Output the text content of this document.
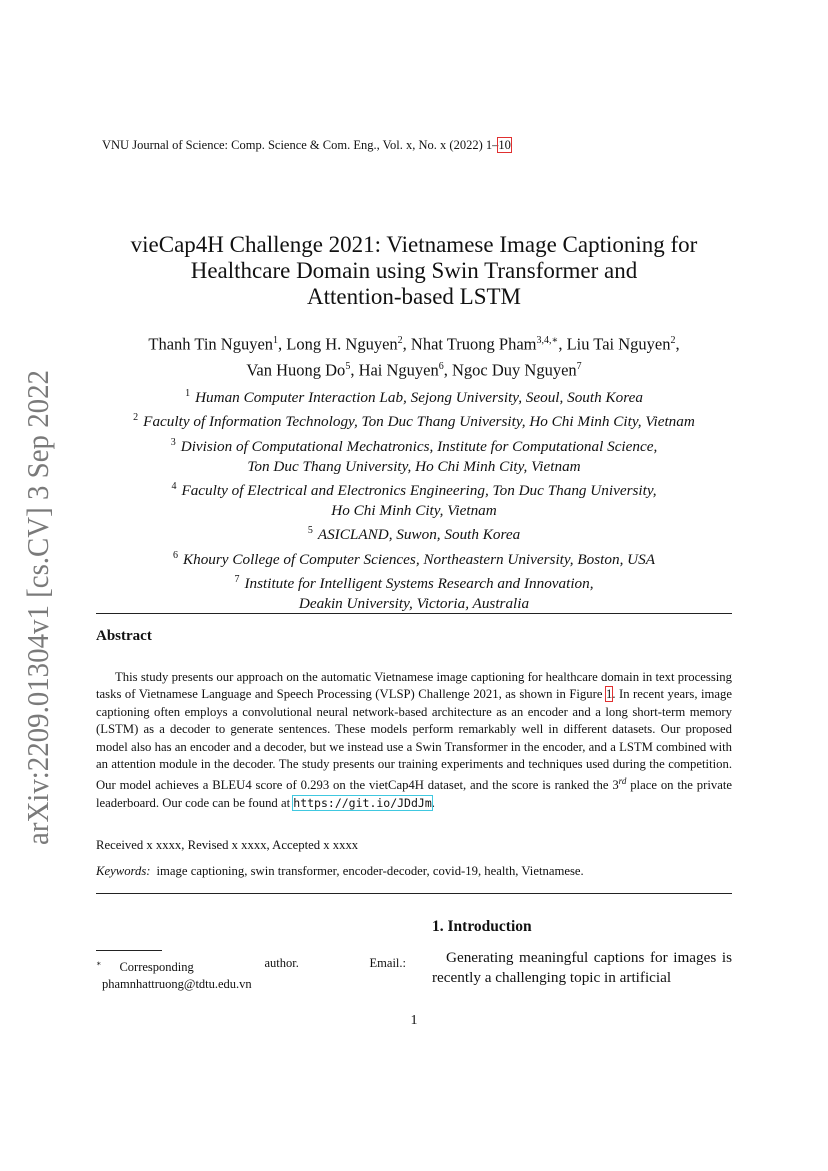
VNU Journal of Science: Comp. Science & Com. Eng., Vol. x, No. x (2022) 1–10
arXiv:2209.01304v1 [cs.CV] 3 Sep 2022
vieCap4H Challenge 2021: Vietnamese Image Captioning for
Healthcare Domain using Swin Transformer and
Attention-based LSTM
Thanh Tin Nguyen$^1$, Long H. Nguyen$^2$, Nhat Truong Pham$^{3,4,∗}$, Liu Tai Nguyen$^2$,
Van Huong Do$^5$, Hai Nguyen$^6$, Ngoc Duy Nguyen$^7$
$^1$ Human Computer Interaction Lab, Sejong University, Seoul, South Korea
$^2$ Faculty of Information Technology, Ton Duc Thang University, Ho Chi Minh City, Vietnam
$^3$ Division of Computational Mechatronics, Institute for Computational Science,
Ton Duc Thang University, Ho Chi Minh City, Vietnam
$^4$ Faculty of Electrical and Electronics Engineering, Ton Duc Thang University,
Ho Chi Minh City, Vietnam
$^5$ ASICLAND, Suwon, South Korea
$^6$ Khoury College of Computer Sciences, Northeastern University, Boston, USA
$^7$ Institute for Intelligent Systems Research and Innovation,
Deakin University, Victoria, Australia
Abstract
This study presents our approach on the automatic Vietnamese image captioning for healthcare domain in text processing tasks of Vietnamese Language and Speech Processing (VLSP) Challenge 2021, as shown in Figure 1. In recent years, image captioning often employs a convolutional neural network-based architecture as an encoder and a long short-term memory (LSTM) as a decoder to generate sentences. These models perform remarkably well in different datasets. Our proposed model also has an encoder and a decoder, but we instead use a Swin Transformer in the encoder, and a LSTM combined with an attention module in the decoder. The study presents our training experiments and techniques used during the competition. Our model achieves a BLEU4 score of 0.293 on the vietCap4H dataset, and the score is ranked the 3rd place on the private leaderboard. Our code can be found at https://git.io/JDdJm.
Received x xxxx, Revised x xxxx, Accepted x xxxx
Keywords: image captioning, swin transformer, encoder-decoder, covid-19, health, Vietnamese.
1. Introduction
Generating meaningful captions for images is recently a challenging topic in artificial
∗ Corresponding	author.	Email.:
phamnhattruong@tdtu.edu.vn
1
